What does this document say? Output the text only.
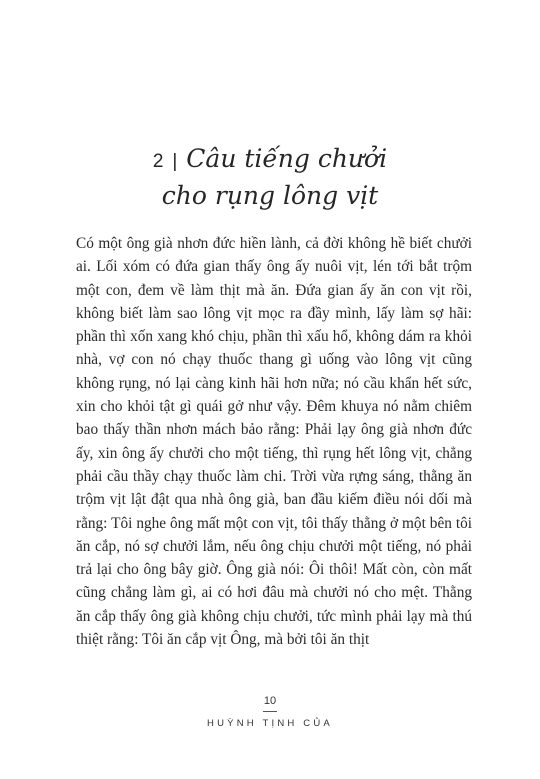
2 | Câu tiếng chưởi
cho rụng lông vịt

Có một ông già nhơn đức hiền lành, cả đời không hề biết chưởi ai. Lối xóm có đứa gian thấy ông ấy nuôi vịt, lén tới bắt trộm một con, đem về làm thịt mà ăn. Đứa gian ấy ăn con vịt rồi, không biết làm sao lông vịt mọc ra đầy mình, lấy làm sợ hãi: phần thì xốn xang khó chịu, phần thì xấu hổ, không dám ra khỏi nhà, vợ con nó chạy thuốc thang gì uống vào lông vịt cũng không rụng, nó lại càng kinh hãi hơn nữa; nó cầu khẩn hết sức, xin cho khỏi tật gì quái gở như vậy. Đêm khuya nó nằm chiêm bao thấy thần nhơn mách bảo rằng: Phải lạy ông già nhơn đức ấy, xin ông ấy chưởi cho một tiếng, thì rụng hết lông vịt, chẳng phải cầu thầy chạy thuốc làm chi. Trời vừa rựng sáng, thằng ăn trộm vịt lật đật qua nhà ông già, ban đầu kiếm điều nói dối mà rằng: Tôi nghe ông mất một con vịt, tôi thấy thằng ở một bên tôi ăn cắp, nó sợ chưởi lắm, nếu ông chịu chưởi một tiếng, nó phải trả lại cho ông bây giờ. Ông già nói: Ôi thôi! Mất còn, còn mất cũng chẳng làm gì, ai có hơi đâu mà chưởi nó cho mệt. Thằng ăn cắp thấy ông già không chịu chưởi, tức mình phải lạy mà thú thiệt rằng: Tôi ăn cắp vịt Ông, mà bởi tôi ăn thịt

10
HUỲNH TỊNH CỦA
